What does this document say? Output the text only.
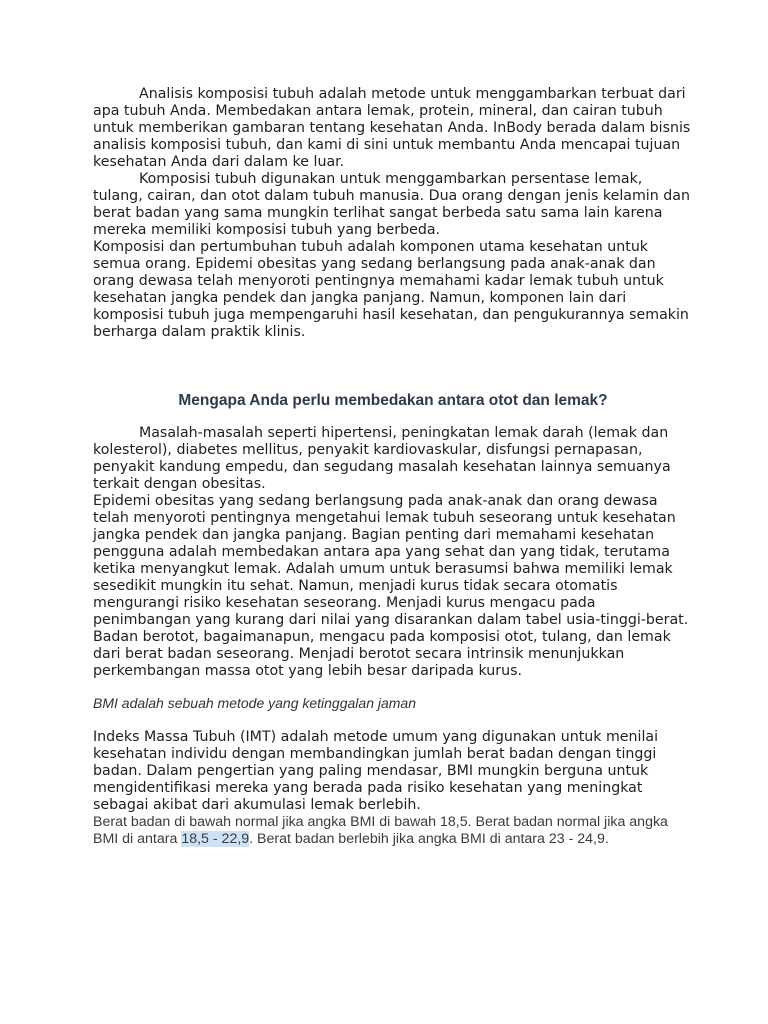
Analisis komposisi tubuh adalah metode untuk menggambarkan terbuat dari apa tubuh Anda. Membedakan antara lemak, protein, mineral, dan cairan tubuh untuk memberikan gambaran tentang kesehatan Anda. InBody berada dalam bisnis analisis komposisi tubuh, dan kami di sini untuk membantu Anda mencapai tujuan kesehatan Anda dari dalam ke luar.

Komposisi tubuh digunakan untuk menggambarkan persentase lemak, tulang, cairan, dan otot dalam tubuh manusia. Dua orang dengan jenis kelamin dan berat badan yang sama mungkin terlihat sangat berbeda satu sama lain karena mereka memiliki komposisi tubuh yang berbeda.

Komposisi dan pertumbuhan tubuh adalah komponen utama kesehatan untuk semua orang. Epidemi obesitas yang sedang berlangsung pada anak-anak dan orang dewasa telah menyoroti pentingnya memahami kadar lemak tubuh untuk kesehatan jangka pendek dan jangka panjang. Namun, komponen lain dari komposisi tubuh juga mempengaruhi hasil kesehatan, dan pengukurannya semakin berharga dalam praktik klinis.

Mengapa Anda perlu membedakan antara otot dan lemak?

Masalah-masalah seperti hipertensi, peningkatan lemak darah (lemak dan kolesterol), diabetes mellitus, penyakit kardiovaskular, disfungsi pernapasan, penyakit kandung empedu, dan segudang masalah kesehatan lainnya semuanya terkait dengan obesitas.

Epidemi obesitas yang sedang berlangsung pada anak-anak dan orang dewasa telah menyoroti pentingnya mengetahui lemak tubuh seseorang untuk kesehatan jangka pendek dan jangka panjang. Bagian penting dari memahami kesehatan pengguna adalah membedakan antara apa yang sehat dan yang tidak, terutama ketika menyangkut lemak. Adalah umum untuk berasumsi bahwa memiliki lemak sesedikit mungkin itu sehat. Namun, menjadi kurus tidak secara otomatis mengurangi risiko kesehatan seseorang. Menjadi kurus mengacu pada penimbangan yang kurang dari nilai yang disarankan dalam tabel usia-tinggi-berat. Badan berotot, bagaimanapun, mengacu pada komposisi otot, tulang, dan lemak dari berat badan seseorang. Menjadi berotot secara intrinsik menunjukkan perkembangan massa otot yang lebih besar daripada kurus.

BMI adalah sebuah metode yang ketinggalan jaman

Indeks Massa Tubuh (IMT) adalah metode umum yang digunakan untuk menilai kesehatan individu dengan membandingkan jumlah berat badan dengan tinggi badan. Dalam pengertian yang paling mendasar, BMI mungkin berguna untuk mengidentifikasi mereka yang berada pada risiko kesehatan yang meningkat sebagai akibat dari akumulasi lemak berlebih.

Berat badan di bawah normal jika angka BMI di bawah 18,5. Berat badan normal jika angka BMI di antara 18,5 - 22,9. Berat badan berlebih jika angka BMI di antara 23 - 24,9.
